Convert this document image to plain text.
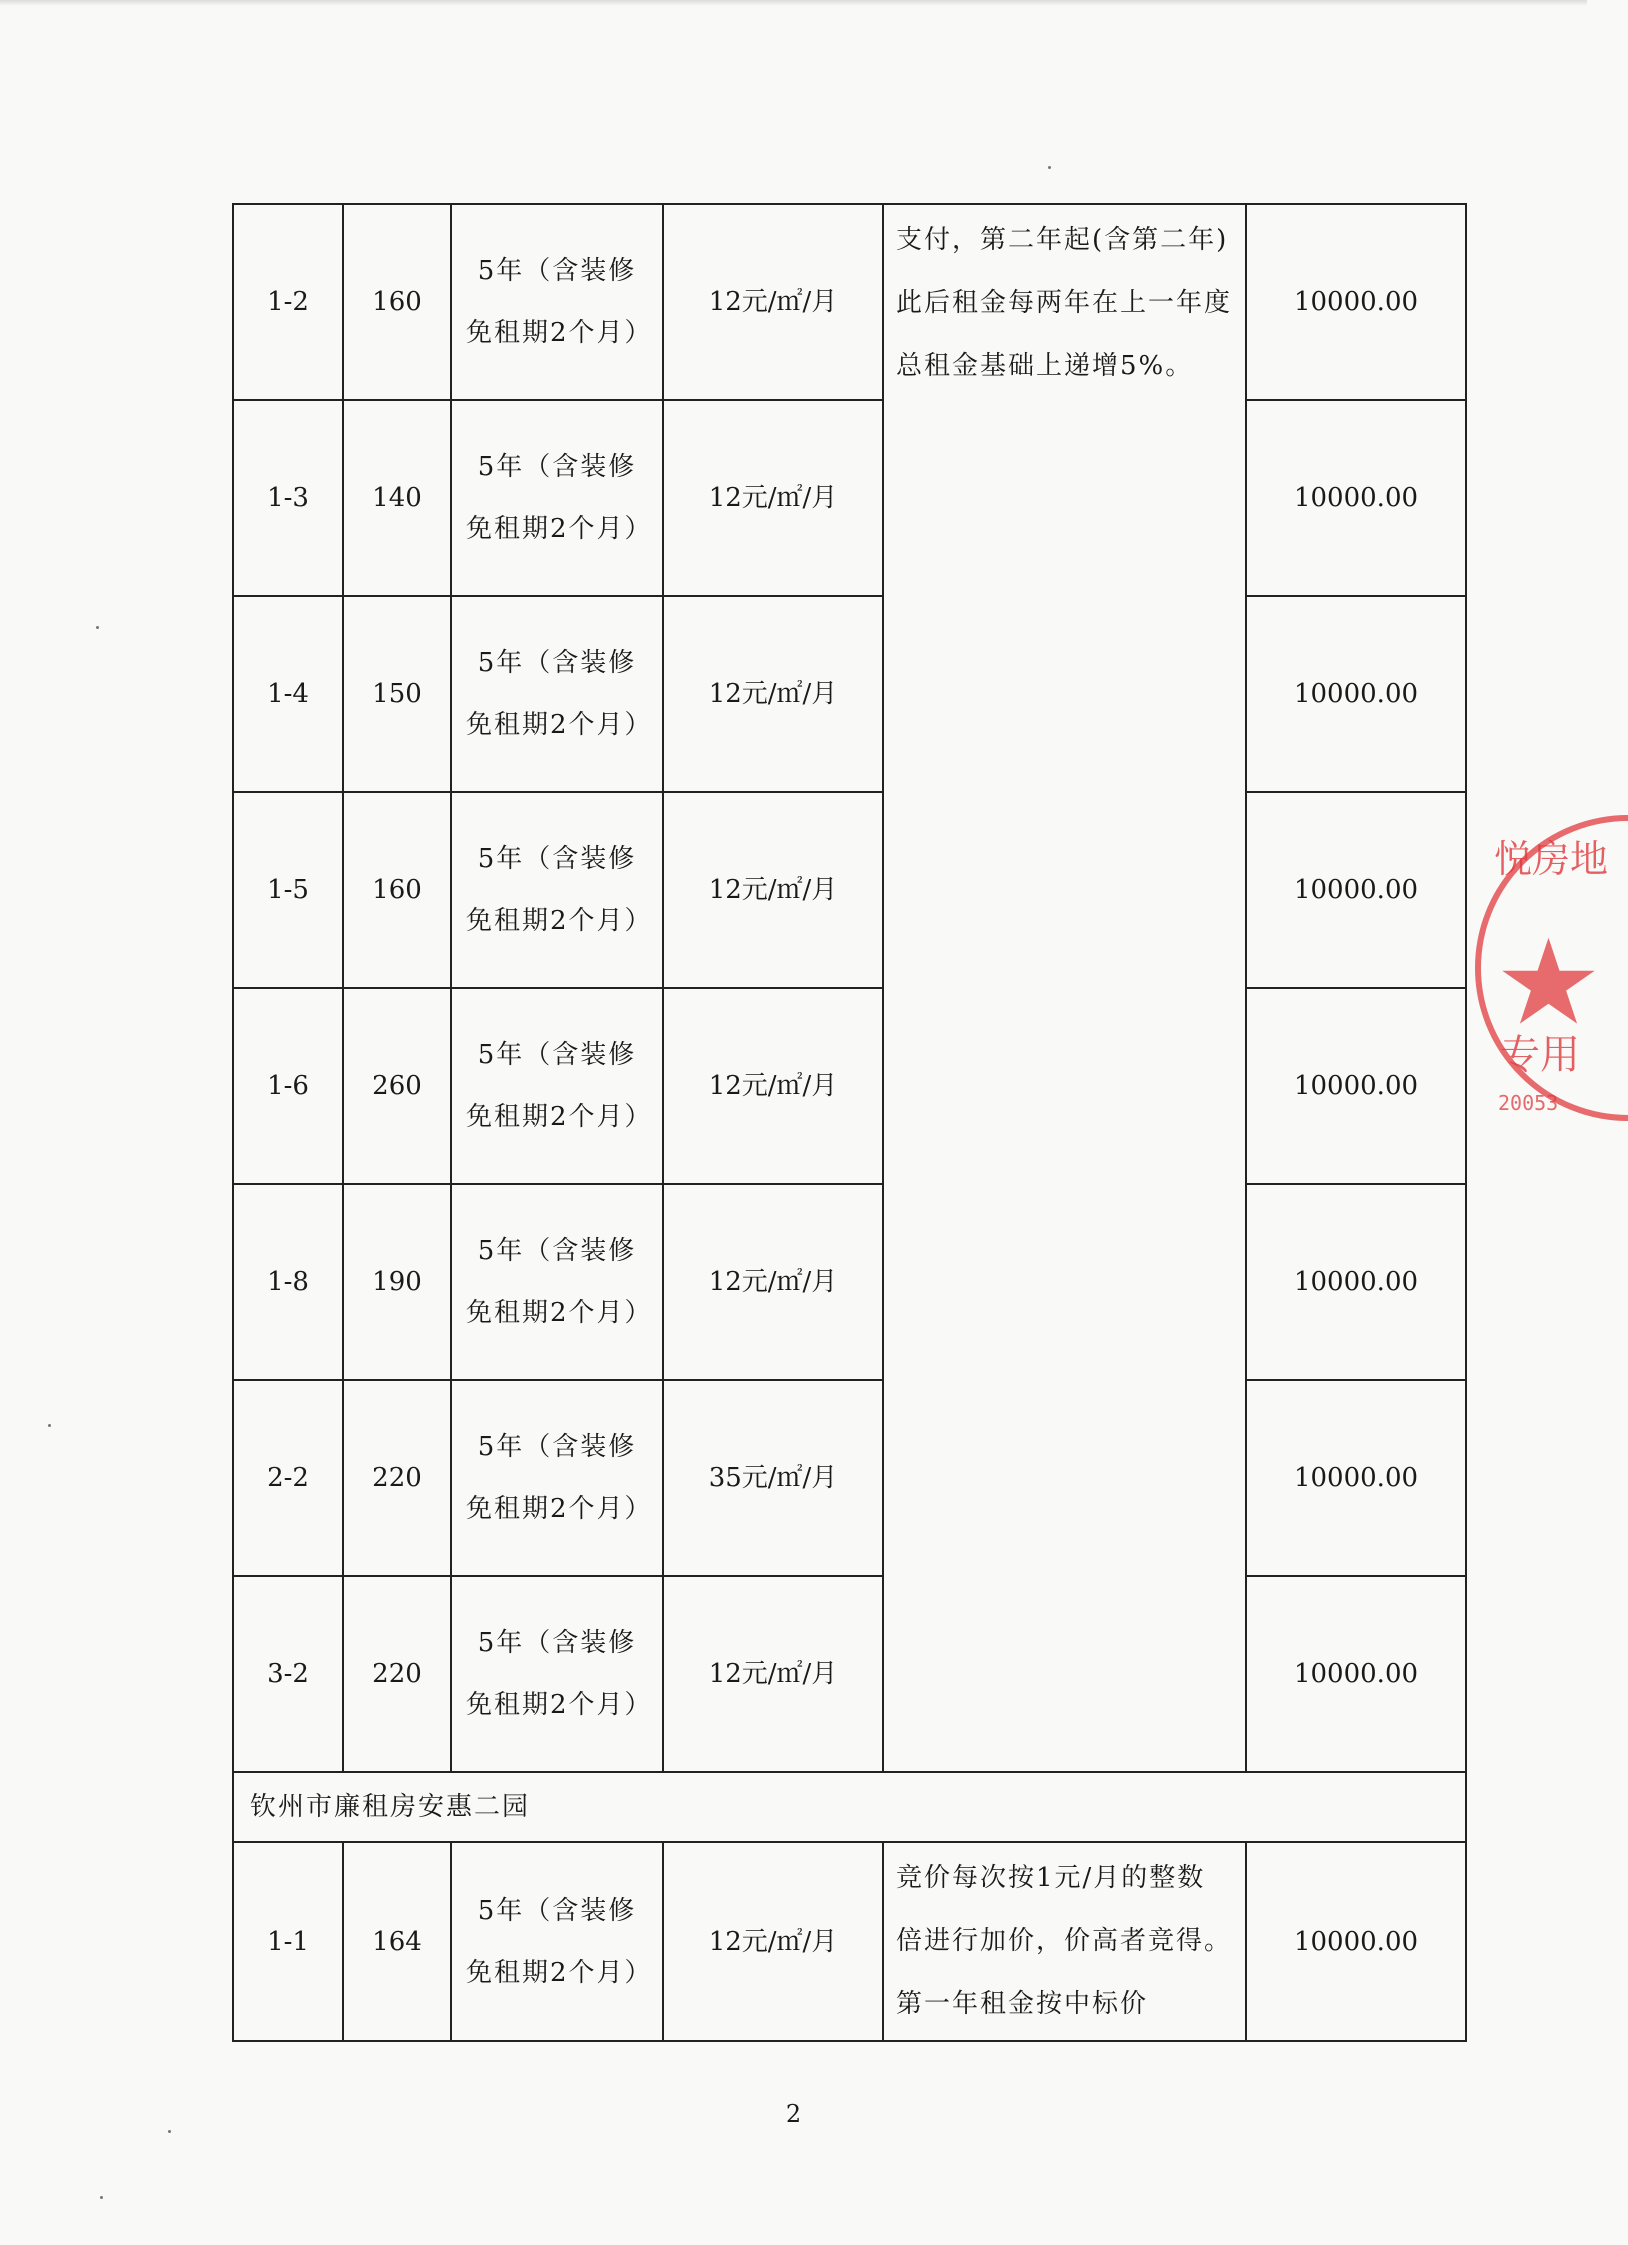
1-2	160	5年（含装修免租期2个月）	12元/㎡/月	支付，第二年起(含第二年)此后租金每两年在上一年度总租金基础上递增5%。	10000.00
1-3	140	5年（含装修免租期2个月）	12元/㎡/月		10000.00
1-4	150	5年（含装修免租期2个月）	12元/㎡/月		10000.00
1-5	160	5年（含装修免租期2个月）	12元/㎡/月		10000.00
1-6	260	5年（含装修免租期2个月）	12元/㎡/月		10000.00
1-8	190	5年（含装修免租期2个月）	12元/㎡/月		10000.00
2-2	220	5年（含装修免租期2个月）	35元/㎡/月		10000.00
3-2	220	5年（含装修免租期2个月）	12元/㎡/月		10000.00
钦州市廉租房安惠二园					
1-1	164	5年（含装修免租期2个月）	12元/㎡/月	竞价每次按1元/月的整数倍进行加价，价高者竞得。第一年租金按中标价	10000.00
悦房地
专用
20053
2
